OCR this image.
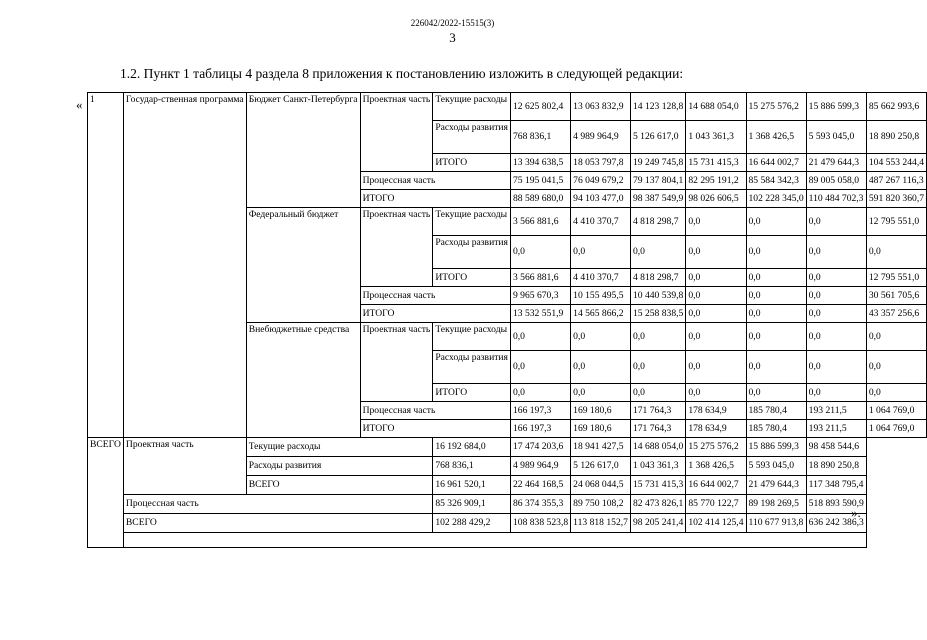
226042/2022-15515(3)
3
1.2. Пункт 1 таблицы 4 раздела 8 приложения к постановлению изложить в следующей редакции:
«
».
1	Государ-ственная программа	Бюджет Санкт-Петербурга	Проектная часть	Текущие расходы	12 625 802,4	13 063 832,9	14 123 128,8	14 688 054,0	15 275 576,2	15 886 599,3	85 662 993,6
				Расходы развития	768 836,1	4 989 964,9	5 126 617,0	1 043 361,3	1 368 426,5	5 593 045,0	18 890 250,8
				ИТОГО	13 394 638,5	18 053 797,8	19 249 745,8	15 731 415,3	16 644 002,7	21 479 644,3	104 553 244,4
			Процессная часть		75 195 041,5	76 049 679,2	79 137 804,1	82 295 191,2	85 584 342,3	89 005 058,0	487 267 116,3
			ИТОГО		88 589 680,0	94 103 477,0	98 387 549,9	98 026 606,5	102 228 345,0	110 484 702,3	591 820 360,7
		Федеральный бюджет	Проектная часть	Текущие расходы	3 566 881,6	4 410 370,7	4 818 298,7	0,0	0,0	0,0	12 795 551,0
				Расходы развития	0,0	0,0	0,0	0,0	0,0	0,0	0,0
				ИТОГО	3 566 881,6	4 410 370,7	4 818 298,7	0,0	0,0	0,0	12 795 551,0
			Процессная часть		9 965 670,3	10 155 495,5	10 440 539,8	0,0	0,0	0,0	30 561 705,6
			ИТОГО		13 532 551,9	14 565 866,2	15 258 838,5	0,0	0,0	0,0	43 357 256,6
		Внебюджетные средства	Проектная часть	Текущие расходы	0,0	0,0	0,0	0,0	0,0	0,0	0,0
				Расходы развития	0,0	0,0	0,0	0,0	0,0	0,0	0,0
				ИТОГО	0,0	0,0	0,0	0,0	0,0	0,0	0,0
			Процессная часть		166 197,3	169 180,6	171 764,3	178 634,9	185 780,4	193 211,5	1 064 769,0
			ИТОГО		166 197,3	169 180,6	171 764,3	178 634,9	185 780,4	193 211,5	1 064 769,0
ВСЕГО	Проектная часть	Текущие расходы		16 192 684,0	17 474 203,6	18 941 427,5	14 688 054,0	15 275 576,2	15 886 599,3	98 458 544,6	
		Расходы развития		768 836,1	4 989 964,9	5 126 617,0	1 043 361,3	1 368 426,5	5 593 045,0	18 890 250,8	
		ВСЕГО		16 961 520,1	22 464 168,5	24 068 044,5	15 731 415,3	16 644 002,7	21 479 644,3	117 348 795,4	
	Процессная часть			85 326 909,1	86 374 355,3	89 750 108,2	82 473 826,1	85 770 122,7	89 198 269,5	518 893 590,9	
	ВСЕГО			102 288 429,2	108 838 523,8	113 818 152,7	98 205 241,4	102 414 125,4	110 677 913,8	636 242 386,3	
